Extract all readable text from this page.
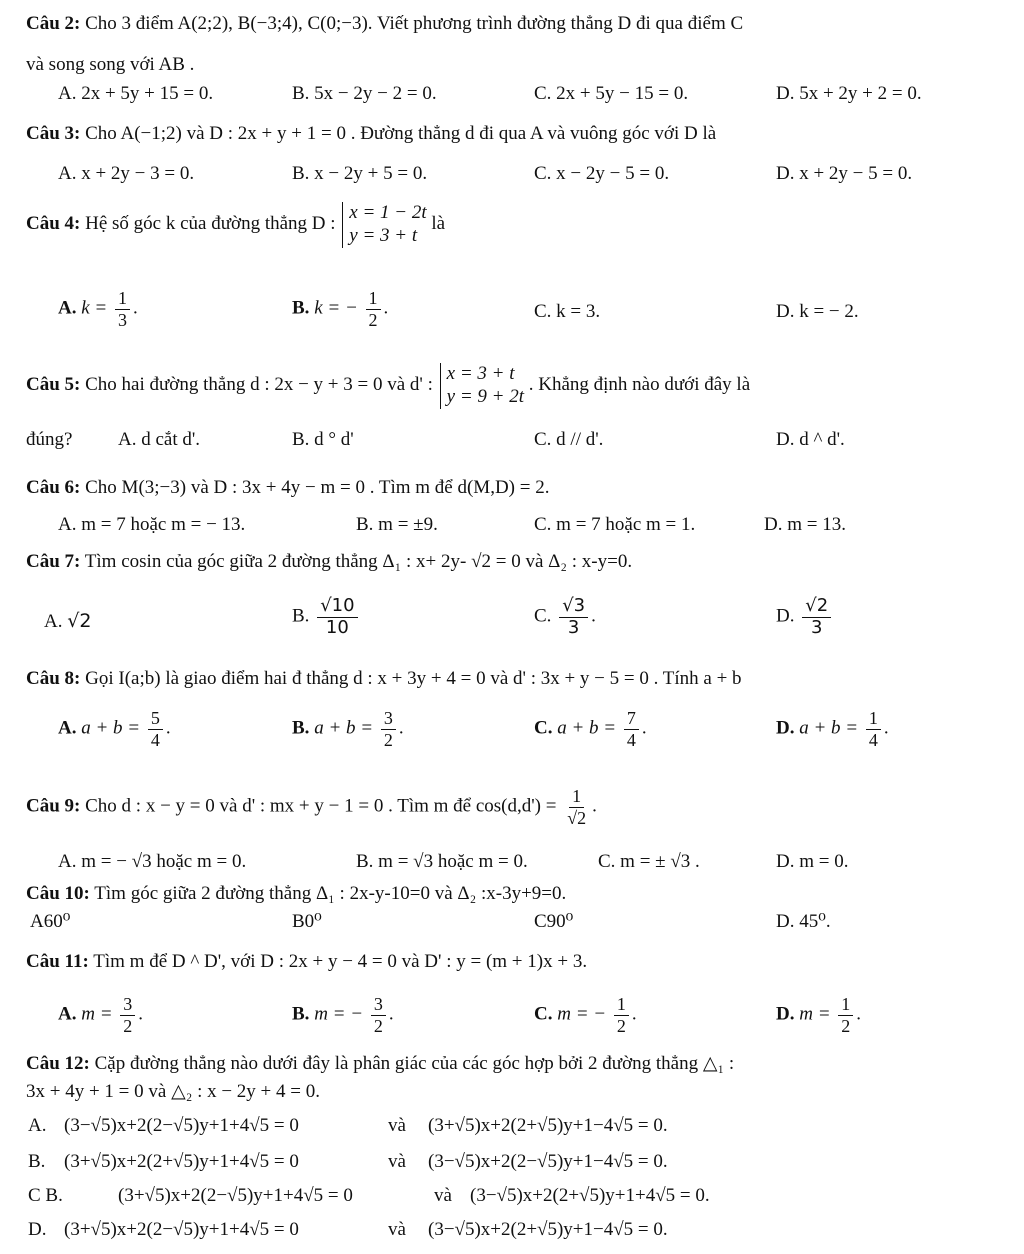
Câu 2: Cho 3 điểm A(2;2), B(−3;4), C(0;−3). Viết phương trình đường thẳng D đi qua điểm C
và song song với AB .
A. 2x + 5y + 15 = 0.	B. 5x − 2y − 2 = 0.	C. 2x + 5y − 15 = 0.	D. 5x + 2y + 2 = 0.
Câu 3: Cho A(−1;2) và D : 2x + y + 1 = 0 . Đường thẳng d đi qua A và vuông góc với D là
A. x + 2y − 3 = 0.	B. x − 2y + 5 = 0.	C. x − 2y − 5 = 0.	D. x + 2y − 5 = 0.
Câu 4: Hệ số góc k của đường thẳng D :
x = 1 − 2t
y = 3 + t
là
A. $k = \frac{1}{3}$ .	B. k = − $\frac{1}{2}$ .	C. k = 3.	D. k = − 2.
Câu 5: Cho hai đường thẳng d : 2x − y + 3 = 0 và d' :
x = 3 + t
y = 9 + 2t
. Khẳng định nào dưới đây là
đúng?	A. d cắt d'.	B. d ° d'	C. d // d'.	D. d ^ d'.
Câu 6: Cho M(3;−3) và D : 3x + 4y − m = 0 . Tìm m để d(M,D) = 2.
A. m = 7 hoặc m = − 13.	B. m = ±9.	C. m = 7 hoặc m = 1.	D. m = 13.
Câu 7: Tìm cosin của góc giữa 2 đường thẳng Δ₁ : x+ 2y- √2 = 0 và Δ₂ : x-y=0.
A. √2	B. $\frac{√10}{10}$	C. $\frac{√3}{3}$ .	D. $\frac{√2}{3}$
Câu 8: Gọi I(a;b) là giao điểm hai đ thẳng d : x + 3y + 4 = 0 và d' : 3x + y − 5 = 0 . Tính a + b
A. $a + b = \frac{5}{4}$ .	B. $a + b = \frac{3}{2}$ .	C. $a + b = \frac{7}{4}$ .	D. $a + b = \frac{1}{4}$ .
Câu 9: Cho d : x − y = 0 và d' : mx + y − 1 = 0 . Tìm m để $\cos(d,d') = \frac{1}{√2}$ .
A. m = − √3 hoặc m = 0.	B. m = √3 hoặc m = 0.	C. m = ± √3 .	D. m = 0.
Câu 10: Tìm góc giữa 2 đường thẳng Δ₁ : 2x-y-10=0 và Δ₂ :x-3y+9=0.
A60⁰	B0⁰	C90⁰	D. 45⁰.
Câu 11: Tìm m để D ^ D', với D : 2x + y − 4 = 0 và D' : y = (m + 1)x + 3.
A. $m = \frac{3}{2}$ .	B. m = − $\frac{3}{2}$ .	C. m = − $\frac{1}{2}$ .	D. $m = \frac{1}{2}$ .
Câu 12: Cặp đường thẳng nào dưới đây là phân giác của các góc hợp bởi 2 đường thẳng △₁ :
3x + 4y + 1 = 0 và △₂ : x − 2y + 4 = 0.
A. (3−√5)x+2(2−√5)y+1+4√5 = 0	và (3+√5)x+2(2+√5)y+1−4√5 = 0.
B. (3+√5)x+2(2+√5)y+1+4√5 = 0	và (3−√5)x+2(2−√5)y+1−4√5 = 0.
C B.	(3+√5)x+2(2−√5)y+1+4√5 = 0	và (3−√5)x+2(2+√5)y+1+4√5 = 0.
D. (3+√5)x+2(2−√5)y+1+4√5 = 0	và (3−√5)x+2(2+√5)y+1−4√5 = 0.
